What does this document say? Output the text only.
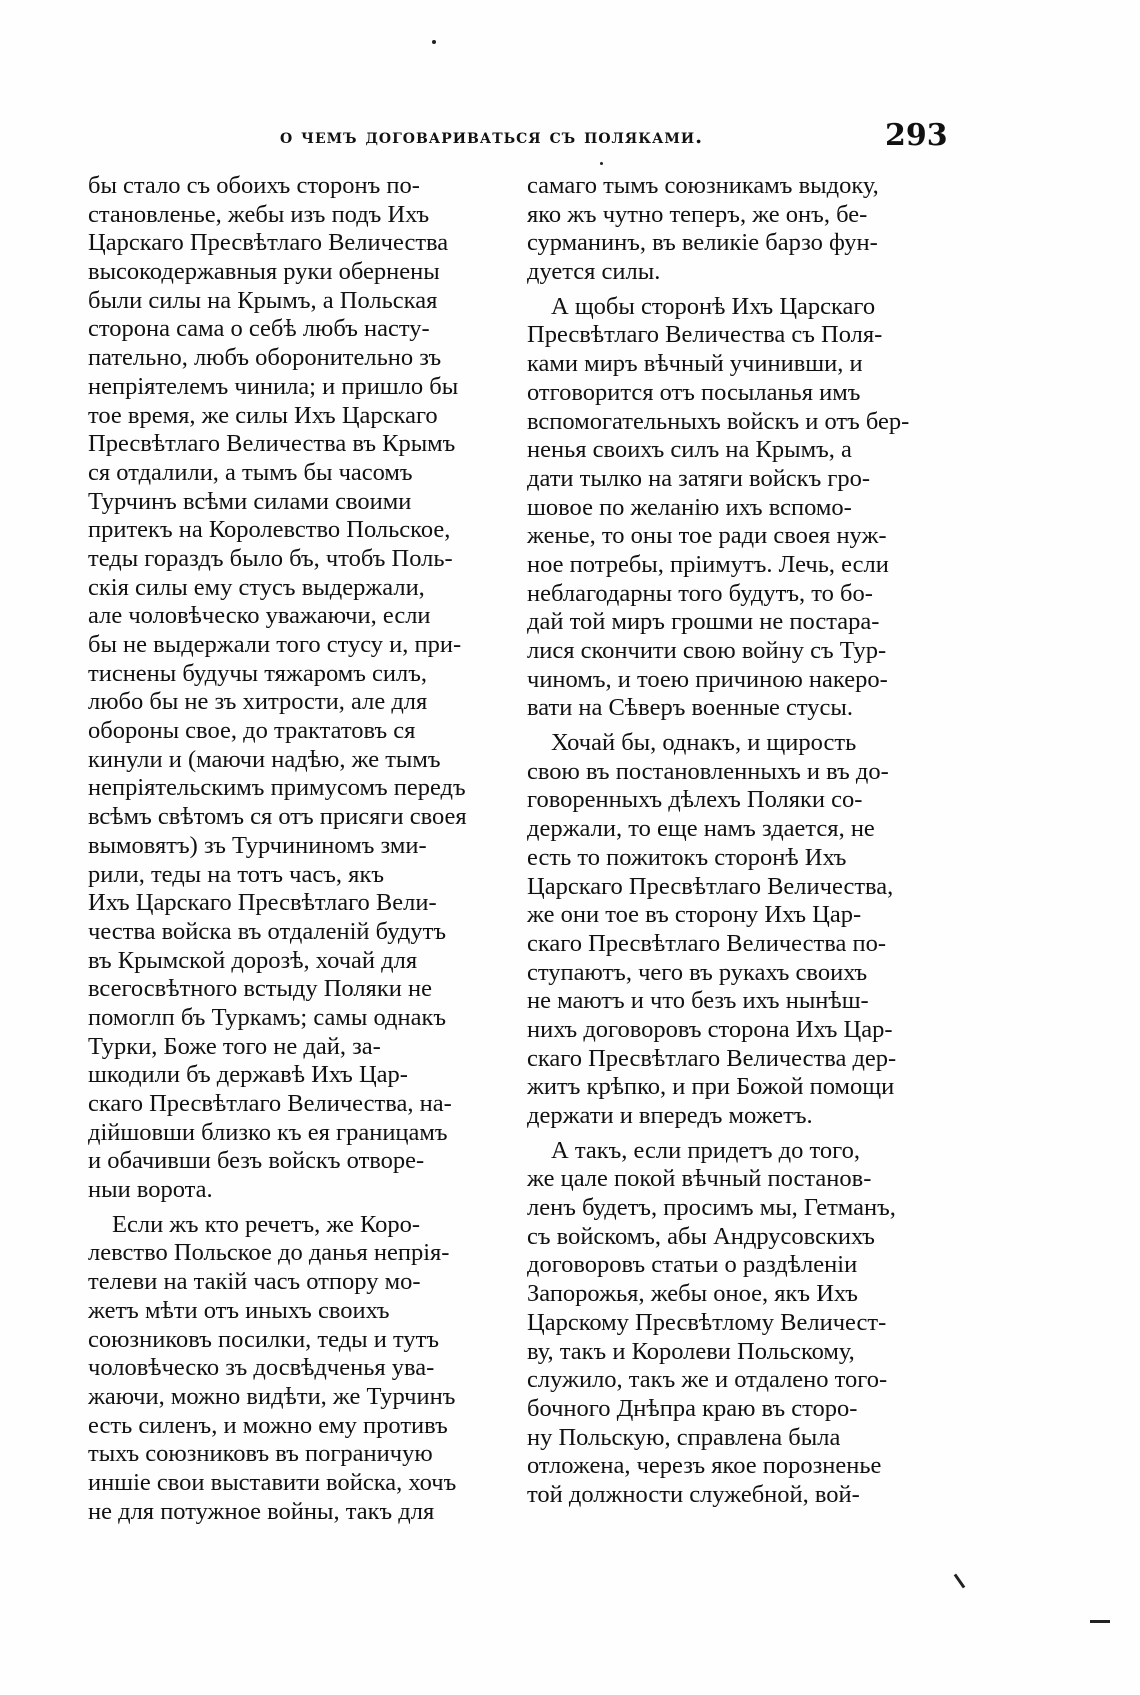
о чемъ договариваться съ поляками.	293
бы стало съ обоихъ сторонъ по-
становленье, жебы изъ подъ Ихъ
Царскаго Пресвѣтлаго Величества
высокодержавныя руки обернены
были силы на Крымъ, а Польская
сторона сама о себѣ любъ насту-
пательно, любъ оборонительно зъ
непріятелемъ чинила; и пришло бы
тое время, же силы Ихъ Царскаго
Пресвѣтлаго Величества въ Крымъ
ся отдалили, а тымъ бы часомъ
Турчинъ всѣми силами своими
притекъ на Королевство Польское,
теды гораздъ было бъ, чтобъ Поль-
скія силы ему стусъ выдержали,
але чоловѣческо уважаючи, если
бы не выдержали того стусу и, при-
тиснены будучы тяжаромъ силъ,
любо бы не зъ хитрости, але для
обороны свое, до трактатовъ ся
кинули и (маючи надѣю, же тымъ
непріятельскимъ примусомъ передъ
всѣмъ свѣтомъ ся отъ присяги своея
вымовятъ) зъ Турчининомъ зми-
рили, теды на тотъ часъ, якъ
Ихъ Царскаго Пресвѣтлаго Вели-
чества войска въ отдаленій будутъ
въ Крымской дорозѣ, хочай для
всегосвѣтного встыду Поляки не
помоглп бъ Туркамъ; самы однакъ
Турки, Боже того не дай, за-
шкодили бъ державѣ Ихъ Цар-
скаго Пресвѣтлаго Величества, на-
дійшовши близко къ ея границамъ
и обачивши безъ войскъ отворе-
ныи ворота.
Если жъ кто речетъ, же Коро-
левство Польское до данья непрія-
телеви на такій часъ отпору мо-
жетъ мѣти отъ иныхъ своихъ
союзниковъ посилки, теды и тутъ
чоловѣческо зъ досвѣдченья ува-
жаючи, можно видѣти, же Турчинъ
есть силенъ, и можно ему противъ
тыхъ союзниковъ въ пограничую
иншіе свои выставити войска, хочъ
не для потужное войны, такъ для
самаго тымъ союзникамъ выдоку,
яко жъ чутно теперъ, же онъ, бе-
сурманинъ, въ великіе барзо фун-
дуется силы.
А щобы сторонѣ Ихъ Царскаго
Пресвѣтлаго Величества съ Поля-
ками миръ вѣчный учинивши, и
отговорится отъ посыланья имъ
вспомогательныхъ войскъ и отъ бер-
ненья своихъ силъ на Крымъ, а
дати тылко на затяги войскъ гро-
шовое по желанію ихъ вспомо-
женье, то оны тое ради своея нуж-
ное потребы, пріимутъ. Лечь, если
неблагодарны того будутъ, то бо-
дай той миръ грошми не постара-
лися скончити свою войну съ Тур-
чиномъ, и тоею причиною накеро-
вати на Сѣверъ военные стусы.
Хочай бы, однакъ, и щирость
свою въ постановленныхъ и въ до-
говоренныхъ дѣлехъ Поляки со-
держали, то еще намъ здается, не
есть то пожитокъ сторонѣ Ихъ
Царскаго Пресвѣтлаго Величества,
же они тое въ сторону Ихъ Цар-
скаго Пресвѣтлаго Величества по-
ступаютъ, чего въ рукахъ своихъ
не маютъ и что безъ ихъ нынѣш-
нихъ договоровъ сторона Ихъ Цар-
скаго Пресвѣтлаго Величества дер-
житъ крѣпко, и при Божой помощи
держати и впередъ можетъ.
А такъ, если придетъ до того,
же цале покой вѣчный постанов-
ленъ будетъ, просимъ мы, Гетманъ,
съ войскомъ, абы Андрусовскихъ
договоровъ статьи о раздѣленіи
Запорожья, жебы оное, якъ Ихъ
Царскому Пресвѣтлому Величест-
ву, такъ и Королеви Польскому,
служило, такъ же и отдалено того-
бочного Днѣпра краю въ сторо-
ну Польскую, справлена была
отложена, черезъ якое порозненье
той должности служебной, вой-
